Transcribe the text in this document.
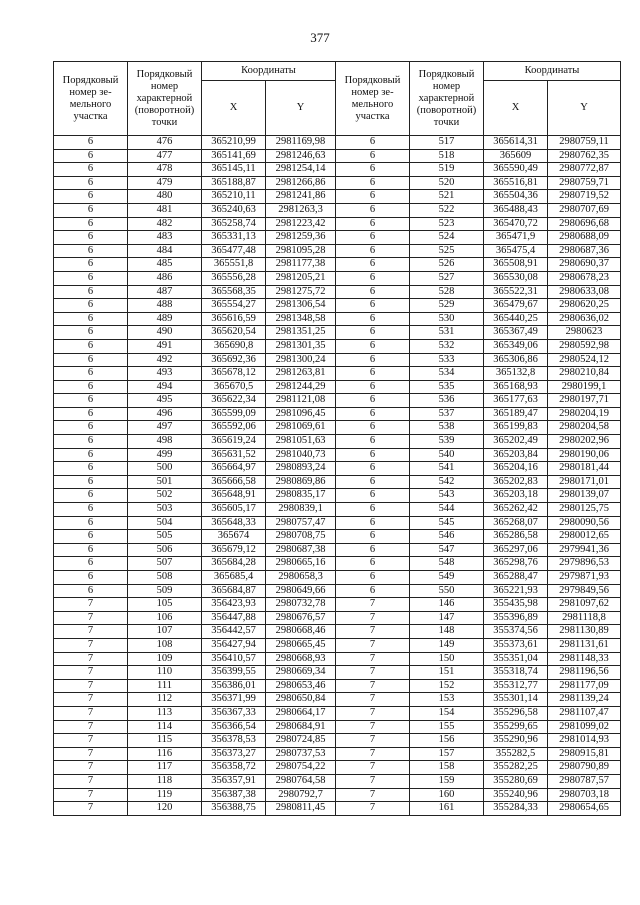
377
Порядковый номер зе-мельного участка	Порядковый номер характерной (поворотной) точки	Координаты		Порядковый номер зе-мельного участка	Порядковый номер характерной (поворотной) точки	Координаты	
		X	Y			X	Y
6	476	365210,99	2981169,98	6	517	365614,31	2980759,11
6	477	365141,69	2981246,63	6	518	365609	2980762,35
6	478	365145,11	2981254,14	6	519	365590,49	2980772,87
6	479	365188,87	2981266,86	6	520	365516,81	2980759,71
6	480	365210,11	2981241,86	6	521	365504,36	2980719,52
6	481	365240,63	2981263,3	6	522	365488,43	2980707,69
6	482	365258,74	2981223,42	6	523	365470,72	2980696,68
6	483	365331,13	2981259,36	6	524	365471,9	2980688,09
6	484	365477,48	2981095,28	6	525	365475,4	2980687,36
6	485	365551,8	2981177,38	6	526	365508,91	2980690,37
6	486	365556,28	2981205,21	6	527	365530,08	2980678,23
6	487	365568,35	2981275,72	6	528	365522,31	2980633,08
6	488	365554,27	2981306,54	6	529	365479,67	2980620,25
6	489	365616,59	2981348,58	6	530	365440,25	2980636,02
6	490	365620,54	2981351,25	6	531	365367,49	2980623
6	491	365690,8	2981301,35	6	532	365349,06	2980592,98
6	492	365692,36	2981300,24	6	533	365306,86	2980524,12
6	493	365678,12	2981263,81	6	534	365132,8	2980210,84
6	494	365670,5	2981244,29	6	535	365168,93	2980199,1
6	495	365622,34	2981121,08	6	536	365177,63	2980197,71
6	496	365599,09	2981096,45	6	537	365189,47	2980204,19
6	497	365592,06	2981069,61	6	538	365199,83	2980204,58
6	498	365619,24	2981051,63	6	539	365202,49	2980202,96
6	499	365631,52	2981040,73	6	540	365203,84	2980190,06
6	500	365664,97	2980893,24	6	541	365204,16	2980181,44
6	501	365666,58	2980869,86	6	542	365202,83	2980171,01
6	502	365648,91	2980835,17	6	543	365203,18	2980139,07
6	503	365605,17	2980839,1	6	544	365262,42	2980125,75
6	504	365648,33	2980757,47	6	545	365268,07	2980090,56
6	505	365674	2980708,75	6	546	365286,58	2980012,65
6	506	365679,12	2980687,38	6	547	365297,06	2979941,36
6	507	365684,28	2980665,16	6	548	365298,76	2979896,53
6	508	365685,4	2980658,3	6	549	365288,47	2979871,93
6	509	365684,87	2980649,66	6	550	365221,93	2979849,56
7	105	356423,93	2980732,78	7	146	355435,98	2981097,62
7	106	356447,88	2980676,57	7	147	355396,89	2981118,8
7	107	356442,57	2980668,46	7	148	355374,56	2981130,89
7	108	356427,94	2980665,45	7	149	355373,61	2981131,61
7	109	356410,57	2980668,93	7	150	355351,04	2981148,33
7	110	356399,55	2980669,34	7	151	355318,74	2981196,56
7	111	356386,01	2980653,46	7	152	355312,77	2981177,09
7	112	356371,99	2980650,84	7	153	355301,14	2981139,24
7	113	356367,33	2980664,17	7	154	355296,58	2981107,47
7	114	356366,54	2980684,91	7	155	355299,65	2981099,02
7	115	356378,53	2980724,85	7	156	355290,96	2981014,93
7	116	356373,27	2980737,53	7	157	355282,5	2980915,81
7	117	356358,72	2980754,22	7	158	355282,25	2980790,89
7	118	356357,91	2980764,58	7	159	355280,69	2980787,57
7	119	356387,38	2980792,7	7	160	355240,96	2980703,18
7	120	356388,75	2980811,45	7	161	355284,33	2980654,65
